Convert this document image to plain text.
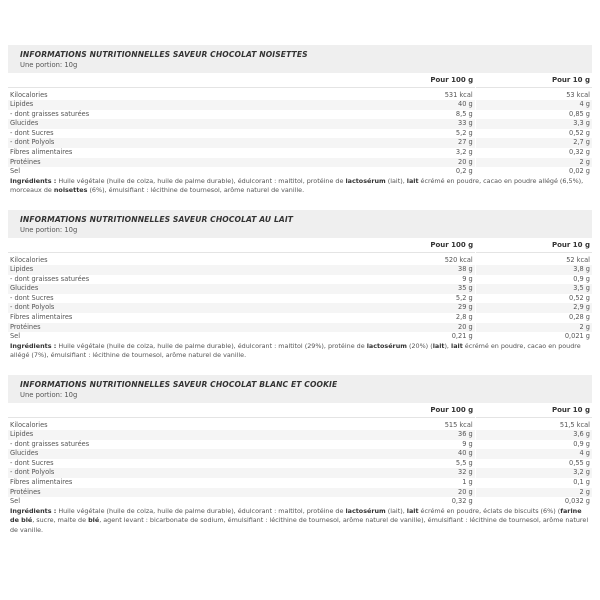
INFORMATIONS NUTRITIONNELLES SAVEUR CHOCOLAT NOISETTES
Une portion: 10g
	Pour 100 g	Pour 10 g
Kilocalories	531 kcal	53 kcal
Lipides	40 g	4 g
- dont graisses saturées	8,5 g	0,85 g
Glucides	33 g	3,3 g
- dont Sucres	5,2 g	0,52 g
- dont Polyols	27 g	2,7 g
Fibres alimentaires	3,2 g	0,32 g
Protéines	20 g	2 g
Sel	0,2 g	0,02 g
Ingrédients : Huile végétale (huile de colza, huile de palme durable), édulcorant : maltitol, protéine de lactosérum (lait), lait écrémé en poudre, cacao en poudre allégé (6,5%), morceaux de noisettes (6%), émulsifiant : lécithine de tournesol, arôme naturel de vanille.
INFORMATIONS NUTRITIONNELLES SAVEUR CHOCOLAT AU LAIT
Une portion: 10g
	Pour 100 g	Pour 10 g
Kilocalories	520 kcal	52 kcal
Lipides	38 g	3,8 g
- dont graisses saturées	9 g	0,9 g
Glucides	35 g	3,5 g
- dont Sucres	5,2 g	0,52 g
- dont Polyols	29 g	2,9 g
Fibres alimentaires	2,8 g	0,28 g
Protéines	20 g	2 g
Sel	0,21 g	0,021 g
Ingrédients : Huile végétale (huile de colza, huile de palme durable), édulcorant : maltitol (29%), protéine de lactosérum (20%) (lait), lait écrémé en poudre, cacao en poudre allégé (7%), émulsifiant : lécithine de tournesol, arôme naturel de vanille.
INFORMATIONS NUTRITIONNELLES SAVEUR CHOCOLAT BLANC ET COOKIE
Une portion: 10g
	Pour 100 g	Pour 10 g
Kilocalories	515 kcal	51,5 kcal
Lipides	36 g	3,6 g
- dont graisses saturées	9 g	0,9 g
Glucides	40 g	4 g
- dont Sucres	5,5 g	0,55 g
- dont Polyols	32 g	3,2 g
Fibres alimentaires	1 g	0,1 g
Protéines	20 g	2 g
Sel	0,32 g	0,032 g
Ingrédients : Huile végétale (huile de colza, huile de palme durable), édulcorant : maltitol, protéine de lactosérum (lait), lait écrémé en poudre, éclats de biscuits (6%) (farine de blé, sucre, malte de blé, agent levant : bicarbonate de sodium, émulsifiant : lécithine de tournesol, arôme naturel de vanille), émulsifiant : lécithine de tournesol, arôme naturel de vanille.
